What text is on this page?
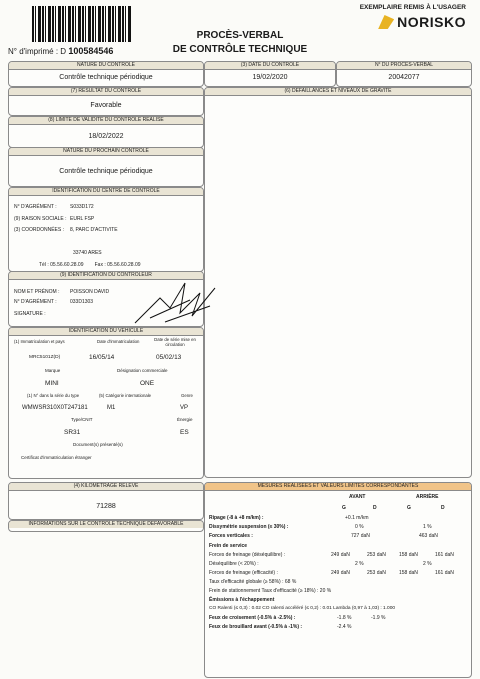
EXEMPLAIRE REMIS À L'USAGER
NORISKO
PROCÈS-VERBAL
DE CONTRÔLE TECHNIQUE
N° d'imprimé : D 100584546
NATURE DU CONTRÔLE
Contrôle technique périodique
(3) DATE DU CONTRÔLE
19/02/2020
N° DU PROCÈS-VERBAL
20042077
(7) RÉSULTAT DU CONTRÔLE
Favorable
(6) DÉFAILLANCES ET NIVEAUX DE GRAVITÉ
(8) LIMITE DE VALIDITÉ DU CONTRÔLE RÉALISÉ
18/02/2022
NATURE DU PROCHAIN CONTRÔLE
Contrôle technique périodique
IDENTIFICATION DU CENTRE DE CONTRÔLE
N° D'AGRÉMENT :	S033D172
(9) RAISON SOCIALE : EURL FSP
(3) COORDONNÉES : 8, PARC D'ACTIVITE
33740 ARES
Tél : 05.56.60.28.09 Fax : 05.56.60.28.09
(9) IDENTIFICATION DU CONTRÔLEUR
NOM ET PRÉNOM : POISSON DAVID
N° D'AGRÉMENT :	033D1303
SIGNATURE :
IDENTIFICATION DU VÉHICULE
(1) Immatriculation et pays	Date d'immatriculation	Date de série mise en circulation
MRC5101Z(D)	16/05/14	05/02/13
Marque	Désignation commerciale
MINI	ONE
(1) N° dans la série du type	(5) Catégorie internationale	Genre
WMWSR310X0T247181	M1	VP
Type/CNIT	Énergie
SR31	ES
Document(s) présenté(s)
Certificat d'immatriculation étranger
(4) KILOMÉTRAGE RELEVÉ
71288
INFORMATIONS SUR LE CONTRÔLE TECHNIQUE DÉFAVORABLE
MESURES RÉALISÉES ET VALEURS LIMITES CORRESPONDANTES
AVANT	ARRIÈRE
G	D	G	D
Ripage (-8 à +8 m/km) :	+0.1 m/km
Dissymétrie suspension (≤ 30%) :	0 %	1 %
Forces verticales :	727 daN	463 daN
Frein de service
Forces de freinage (déséquilibre) :	249 daN	253 daN	158 daN	161 daN
Déséquilibre (< 20%) :	2 %	2 %
Forces de freinage (efficacité) :	249 daN	253 daN	158 daN	161 daN
Taux d'efficacité globale (≥ 58%) : 68 %
Frein de stationnement Taux d'efficacité (≥ 18%) : 20 %
Émissions à l'échappement
CO Ralenti (≤ 0,3) : 0.02 CO ralenti accéléré (≤ 0,2) : 0.01 Lambda (0,97 à 1,03) : 1.000
Feux de croisement (-0.5% à -2.5%) :	-1.8 %	-1.9 %
Feux de brouillard avant (-0.5% à -1%) :	-2.4 %
